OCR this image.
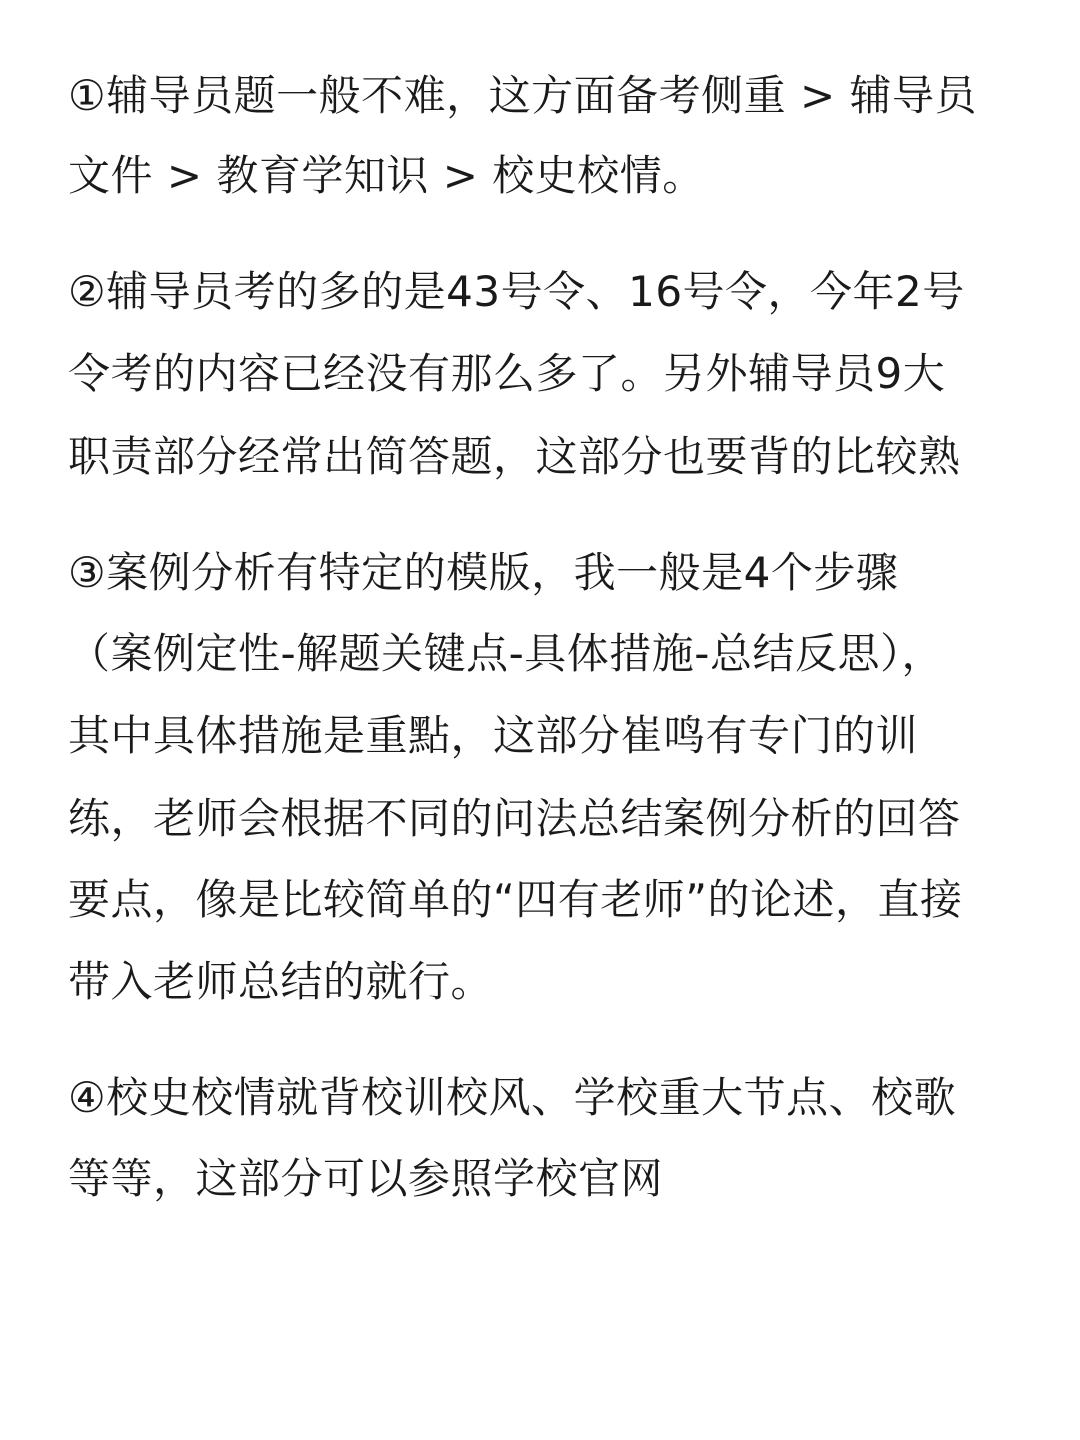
①辅导员题一般不难，这方面备考侧重 > 辅导员
文件 > 教育学知识 > 校史校情。
②辅导员考的多的是43号令、16号令，今年2号
令考的内容已经没有那么多了。另外辅导员9大
职责部分经常出简答题，这部分也要背的比较熟
③案例分析有特定的模版，我一般是4个步骤
（案例定性-解题关键点-具体措施-总结反思），
其中具体措施是重點，这部分崔鸣有专门的训
练，老师会根据不同的问法总结案例分析的回答
要点，像是比较简单的“四有老师”的论述，直接
带入老师总结的就行。
④校史校情就背校训校风、学校重大节点、校歌
等等，这部分可以参照学校官网
